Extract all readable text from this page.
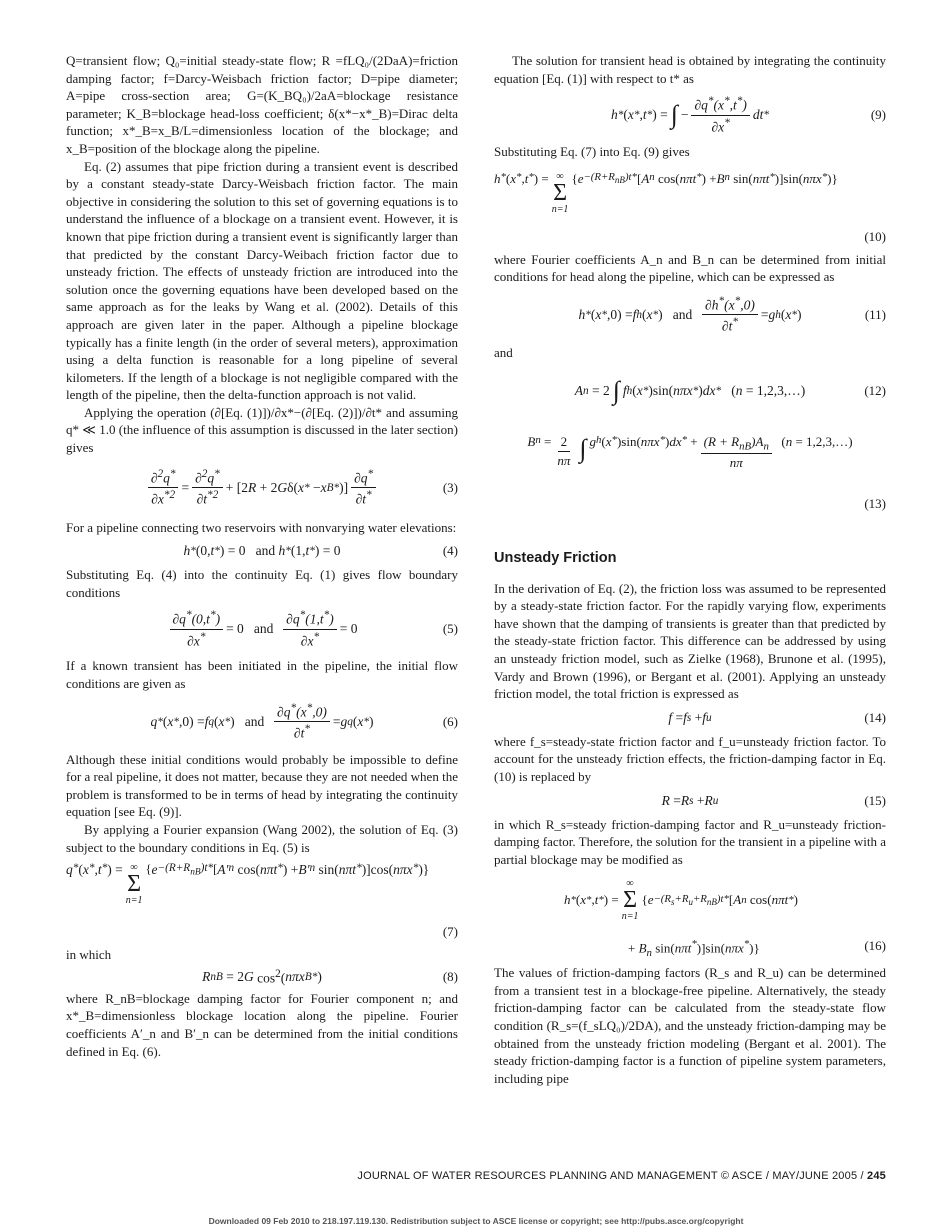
Q=transient flow; Q₀=initial steady-state flow; R =fLQ₀/(2DaA)=friction damping factor; f=Darcy-Weisbach friction factor; D=pipe diameter; A=pipe cross-section area; G=(K_BQ₀)/2aA=blockage resistance parameter; K_B=blockage head-loss coefficient; δ(x*−x*_B)=Dirac delta function; x*_B=x_B/L=dimensionless location of the blockage; and x_B=position of the blockage along the pipeline.

Eq. (2) assumes that pipe friction during a transient event is described by a constant steady-state Darcy-Weisbach friction factor. The main objective in considering the solution to this set of governing equations is to understand the influence of a blockage on a transient event. However, it is known that pipe friction during a transient event is significantly larger than that predicted by the constant Darcy-Weibach friction factor due to unsteady friction. The effects of unsteady friction are introduced into the solution once the governing equations have been developed based on the same approach as for the leaks by Wang et al. (2002). Details of this approach are given later in the paper. Although a pipeline blockage typically has a finite length (in the order of several meters), approximation using a delta function is reasonable for a long pipeline of several kilometers. If the length of a blockage is not negligible compared with the length of the pipeline, then the delta-function approach is not valid.

Applying the operation (∂[Eq. (1)])/∂x*−(∂[Eq. (2)])/∂t* and assuming q* ≪ 1.0 (the influence of this assumption is discussed in the later section) gives

$\frac{\partial^2q^*}{\partial x^{*2}} = \frac{\partial^2q^*}{\partial t^{*2}} + [2$ R + 2 G δ( x * − x B * )] $\frac{\partial q^*}{\partial t^*}$	(3)

For a pipeline connecting two reservoirs with nonvarying water elevations:

h * (0, t * ) = 0   and h * (1, t * ) = 0	(4)

Substituting Eq. (4) into the continuity Eq. (1) gives flow boundary conditions

$\frac{\partial q^*(0,t^*)}{\partial x^*} = 0$   and $\frac{\partial q^*(1,t^*)}{\partial x^*} = 0$	(5)

If a known transient has been initiated in the pipeline, the initial flow conditions are given as

q * ( x * ,0) = f q ( x * )   and $\frac{\partial q^*(x^*,0)}{\partial t^*} = g$ q ( x * )	(6)

Although these initial conditions would probably be impossible to define for a real pipeline, it does not matter, because they are not needed when the problem is transformed to be in terms of head by integrating the continuity equation [see Eq. (9)].

By applying a Fourier expansion (Wang 2002), the solution of Eq. (3) subject to the boundary conditions in Eq. (5) is

q * ( x * , t * ) = ∞
Σ
n=1
{ $e -(R+R_{nB})t*$ [ A′ n cos( nπt * ) + B′ n sin( nπt * )]cos( nπx * )}
(7)

in which

R nB = 2 G $\cos^2$( nπx B * )	(8)

where R_nB=blockage damping factor for Fourier component n; and x*_B=dimensionless blockage location along the pipeline. Fourier coefficients A′_n and B′_n can be determined from the initial conditions defined in Eq. (6).

The solution for transient head is obtained by integrating the continuity equation [Eq. (1)] with respect to t* as

h * ( x * , t * ) = ∫ − $\frac{\partial q^*(x^*,t^*)}{\partial x^*}$ dt *	(9)

Substituting Eq. (7) into Eq. (9) gives

h * ( x * , t * ) = ∞
Σ
n=1
{ $e -(R+R_{nB})t*$ [ A n cos( nπt * ) + B n sin( nπt * )]sin( nπx * )}
(10)

where Fourier coefficients A_n and B_n can be determined from initial conditions for head along the pipeline, which can be expressed as

h * ( x * ,0) = f h ( x * )   and $\frac{\partial h^*(x^*,0)}{\partial t^*} = g$ h ( x * )	(11)

and

A n = 2 ∫ f h ( x * )sin( nπx * ) dx * ( n = 1,2,3,…)	(12)
B $n = \frac{2}{n\pi}$ ∫ $g^h$ ( x * )sin( nπx * ) dx * + $\frac{(R + R_{nB})A_n}{n\pi}$ ( n = 1,2,3,…)
(13)
Unsteady Friction

In the derivation of Eq. (2), the friction loss was assumed to be represented by a steady-state friction factor. For the rapidly varying flow, experiments have shown that the damping of transients is greater than that predicted by the steady-state friction factor. This difference can be addressed by using an unsteady friction model, such as Zielke (1968), Brunone et al. (1995), Vardy and Brown (1996), or Bergant et al. (2001). Applying an unsteady friction model, the total friction is expressed as

f = f s + f u	(14)

where f_s=steady-state friction factor and f_u=unsteady friction factor. To account for the unsteady friction effects, the friction-damping factor in Eq. (10) is replaced by

R = R s + R u	(15)

in which R_s=steady friction-damping factor and R_u=unsteady friction-damping factor. Therefore, the solution for the transient in a pipeline with a partial blockage may be modified as

h * ( x * , t * ) =
∞
Σ
n=1
{ $e -(R_s+R_u+R_{nB})t*$ [ A n cos( nπt * )
+ $B_n$ sin(nπt*)]sin(nπx*)}	(16)

The values of friction-damping factors (R_s and R_u) can be determined from a transient test in a blockage-free pipeline. Alternatively, the steady friction-damping factor can be calculated from the steady-state flow condition (R_s=(f_sLQ₀)/2DA), and the unsteady friction-damping may be obtained from the unsteady friction modeling (Bergant et al. 2001). The steady friction-damping factor is a function of pipeline system parameters, including pipe

JOURNAL OF WATER RESOURCES PLANNING AND MANAGEMENT © ASCE / MAY/JUNE 2005 / 245
Downloaded 09 Feb 2010 to 218.197.119.130. Redistribution subject to ASCE license or copyright; see http://pubs.asce.org/copyright
